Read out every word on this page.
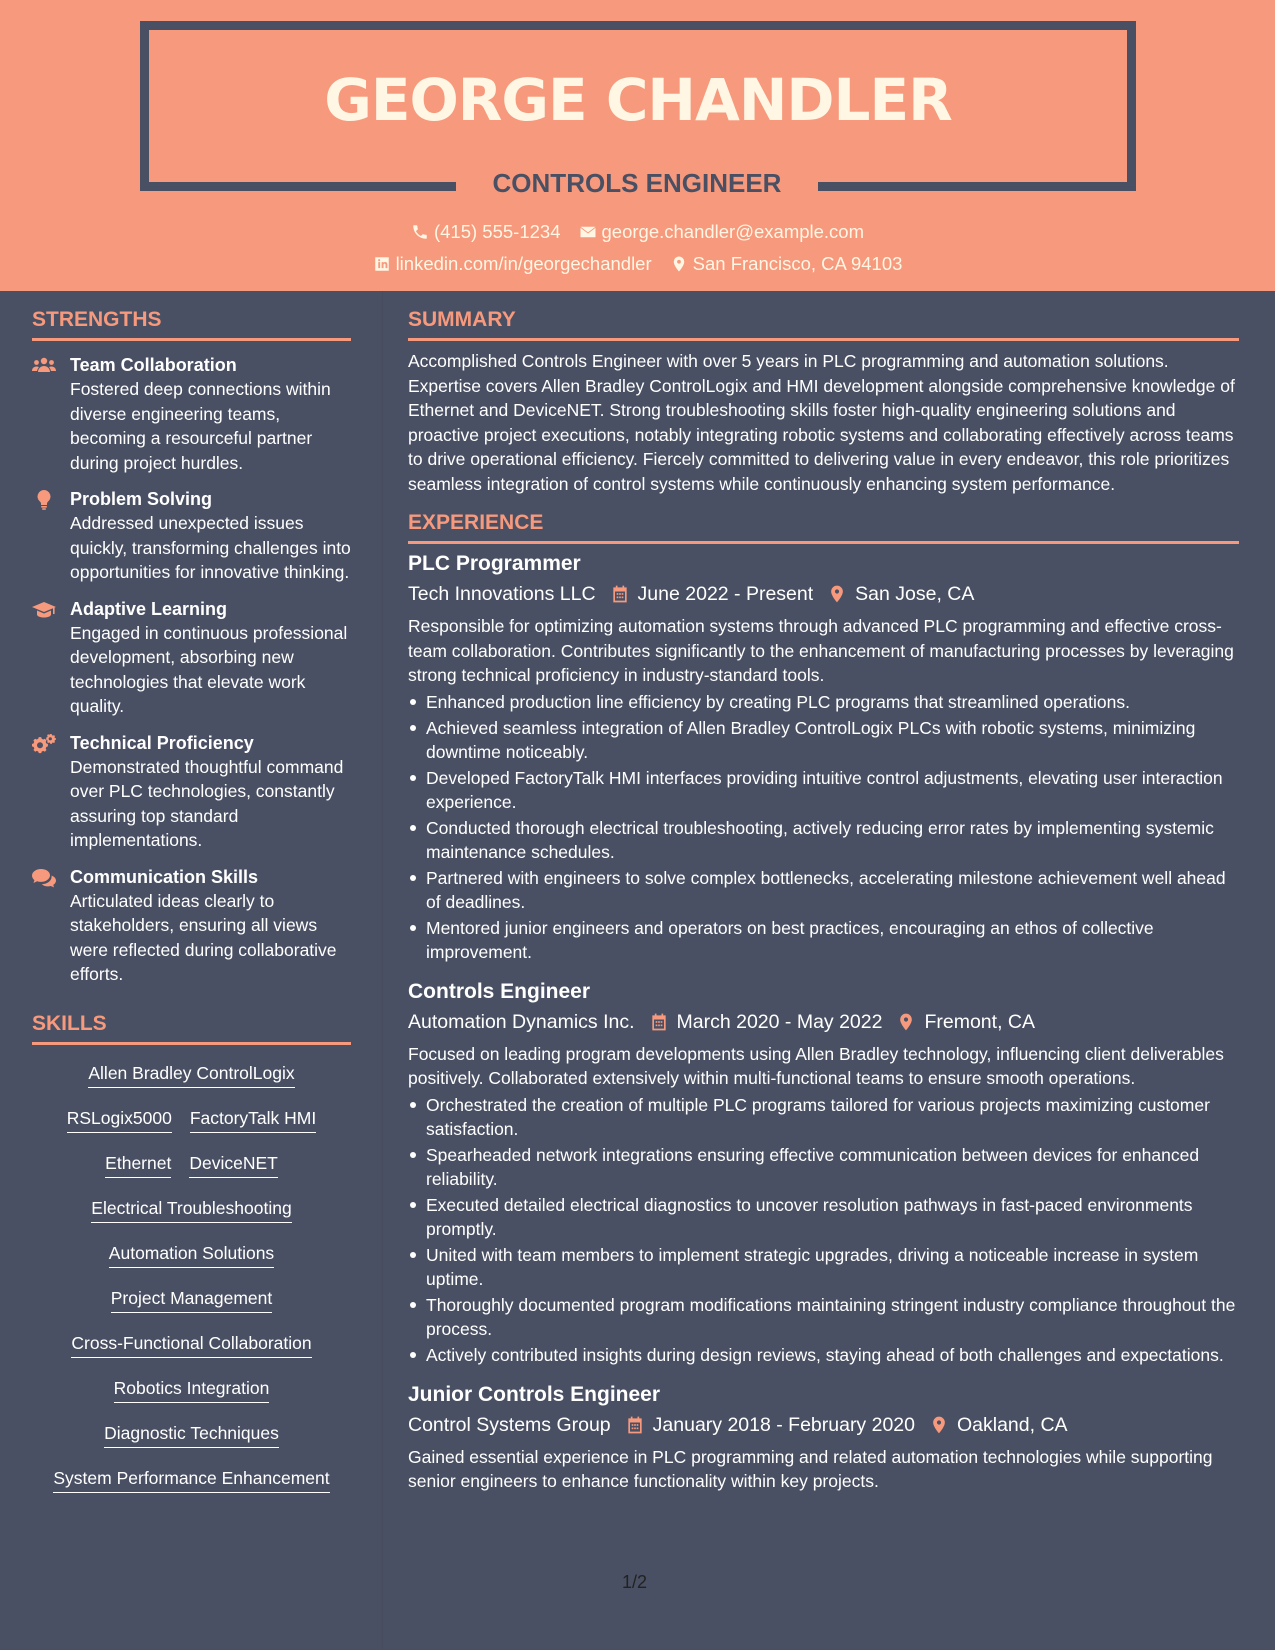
GEORGE CHANDLER
CONTROLS ENGINEER
(415) 555-1234 george.chandler@example.com
linkedin.com/in/georgechandler San Francisco, CA 94103
STRENGTHS
Team Collaboration
Fostered deep connections within diverse engineering teams, becoming a resourceful partner during project hurdles.
Problem Solving
Addressed unexpected issues quickly, transforming challenges into opportunities for innovative thinking.
Adaptive Learning
Engaged in continuous professional development, absorbing new technologies that elevate work quality.
Technical Proficiency
Demonstrated thoughtful command over PLC technologies, constantly assuring top standard implementations.
Communication Skills
Articulated ideas clearly to stakeholders, ensuring all views were reflected during collaborative efforts.
SKILLS
Allen Bradley ControlLogix
RSLogix5000 FactoryTalk HMI
Ethernet DeviceNET
Electrical Troubleshooting
Automation Solutions
Project Management
Cross-Functional Collaboration
Robotics Integration
Diagnostic Techniques
System Performance Enhancement
SUMMARY
Accomplished Controls Engineer with over 5 years in PLC programming and automation solutions. Expertise covers Allen Bradley ControlLogix and HMI development alongside comprehensive knowledge of Ethernet and DeviceNET. Strong troubleshooting skills foster high-quality engineering solutions and proactive project executions, notably integrating robotic systems and collaborating effectively across teams to drive operational efficiency. Fiercely committed to delivering value in every endeavor, this role prioritizes seamless integration of control systems while continuously enhancing system performance.
EXPERIENCE
PLC Programmer
Tech Innovations LLC June 2022 - Present San Jose, CA
Responsible for optimizing automation systems through advanced PLC programming and effective cross-team collaboration. Contributes significantly to the enhancement of manufacturing processes by leveraging strong technical proficiency in industry-standard tools.
Enhanced production line efficiency by creating PLC programs that streamlined operations.
Achieved seamless integration of Allen Bradley ControlLogix PLCs with robotic systems, minimizing downtime noticeably.
Developed FactoryTalk HMI interfaces providing intuitive control adjustments, elevating user interaction experience.
Conducted thorough electrical troubleshooting, actively reducing error rates by implementing systemic maintenance schedules.
Partnered with engineers to solve complex bottlenecks, accelerating milestone achievement well ahead of deadlines.
Mentored junior engineers and operators on best practices, encouraging an ethos of collective improvement.
Controls Engineer
Automation Dynamics Inc. March 2020 - May 2022 Fremont, CA
Focused on leading program developments using Allen Bradley technology, influencing client deliverables positively. Collaborated extensively within multi-functional teams to ensure smooth operations.
Orchestrated the creation of multiple PLC programs tailored for various projects maximizing customer satisfaction.
Spearheaded network integrations ensuring effective communication between devices for enhanced reliability.
Executed detailed electrical diagnostics to uncover resolution pathways in fast-paced environments promptly.
United with team members to implement strategic upgrades, driving a noticeable increase in system uptime.
Thoroughly documented program modifications maintaining stringent industry compliance throughout the process.
Actively contributed insights during design reviews, staying ahead of both challenges and expectations.
Junior Controls Engineer
Control Systems Group January 2018 - February 2020 Oakland, CA
Gained essential experience in PLC programming and related automation technologies while supporting senior engineers to enhance functionality within key projects.
1/2
